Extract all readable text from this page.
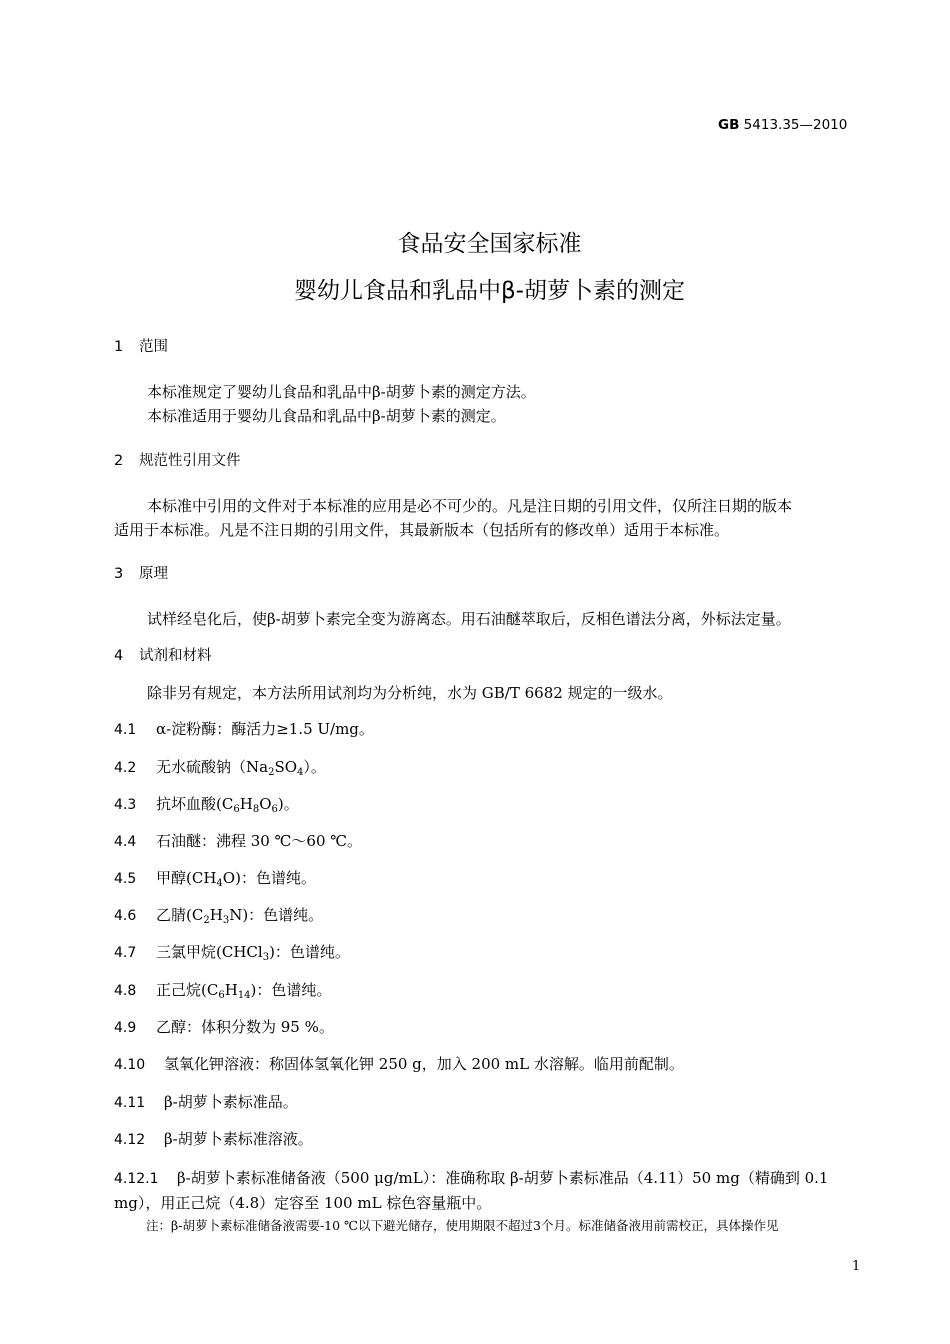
GB 5413.35—2010
食品安全国家标准
婴幼儿食品和乳品中β-胡萝卜素的测定
1 范围
本标准规定了婴幼儿食品和乳品中β-胡萝卜素的测定方法。
本标准适用于婴幼儿食品和乳品中β-胡萝卜素的测定。
2 规范性引用文件
本标准中引用的文件对于本标准的应用是必不可少的。凡是注日期的引用文件，仅所注日期的版本
适用于本标准。凡是不注日期的引用文件，其最新版本（包括所有的修改单）适用于本标准。
3 原理
试样经皂化后，使β-胡萝卜素完全变为游离态。用石油醚萃取后，反相色谱法分离，外标法定量。
4 试剂和材料
除非另有规定，本方法所用试剂均为分析纯，水为 GB/T 6682 规定的一级水。
4.1 α-淀粉酶：酶活力≥1.5 U/mg。
4.2 无水硫酸钠$(Na_2SO_4)$。
4.3 抗坏血酸$(C_6H_8O_6)$。
4.4 石油醚：沸程 30 ℃～60 ℃。
4.5 甲醇$(CH_4O)$：色谱纯。
4.6 乙腈$(C_2H_3N)$：色谱纯。
4.7 三氯甲烷(CHCl$_3$)：色谱纯。
4.8 正己烷$(C_6H_{14})$：色谱纯。
4.9 乙醇：体积分数为 95 %。
4.10 氢氧化钾溶液：称固体氢氧化钾 250 g，加入 200 mL 水溶解。临用前配制。
4.11 β-胡萝卜素标准品。
4.12 β-胡萝卜素标准溶液。
4.12.1 β-胡萝卜素标准储备液（500 μg/mL）：准确称取 β-胡萝卜素标准品（4.11）50 mg（精确到 0.1
mg），用正己烷（4.8）定容至 100 mL 棕色容量瓶中。
注：β-胡萝卜素标准储备液需要-10 ℃以下避光储存，使用期限不超过3个月。标准储备液用前需校正，具体操作见
1
